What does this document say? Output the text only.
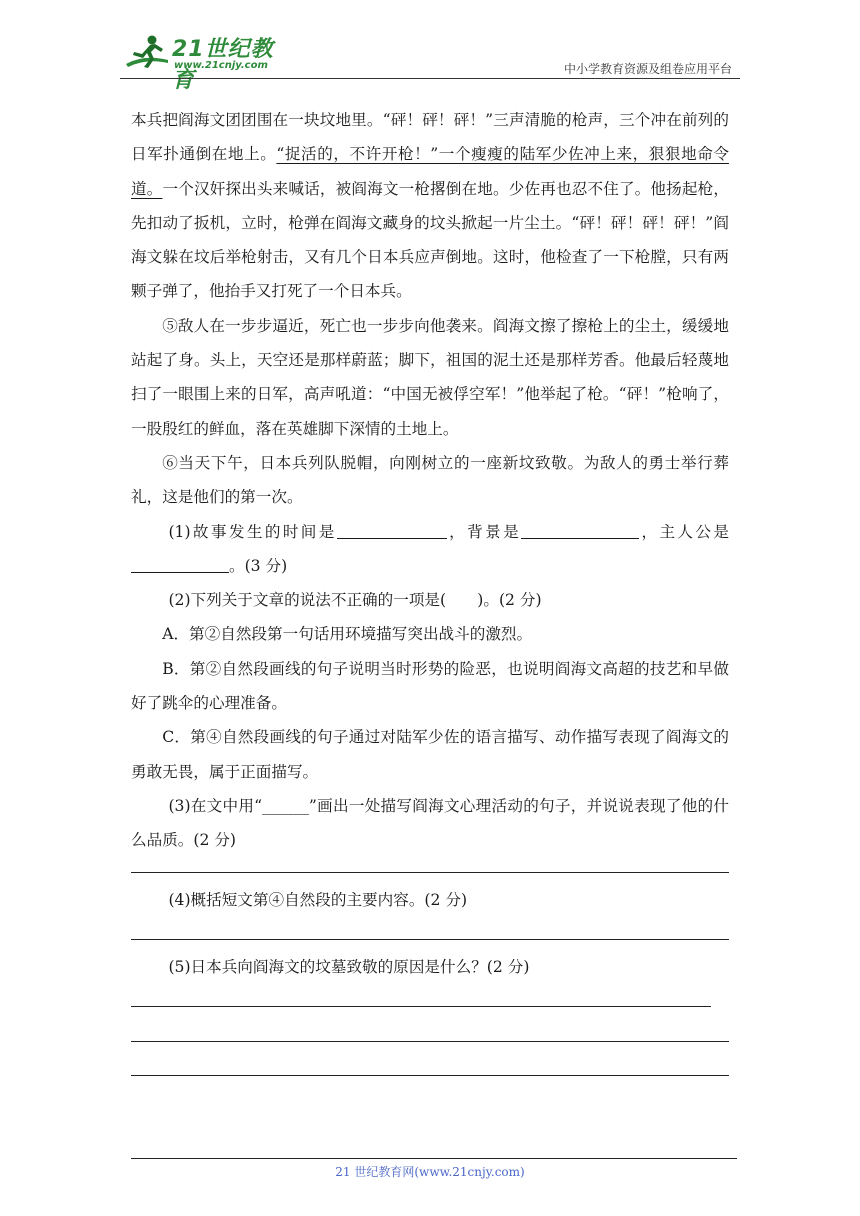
21世纪教育
www.21cnjy.com	中小学教育资源及组卷应用平台

本兵把阎海文团团围在一块坟地里。“砰！砰！砰！”三声清脆的枪声，三个冲在前列的日军扑通倒在地上。“捉活的，不许开枪！”一个瘦瘦的陆军少佐冲上来，狠狠地命令道。一个汉奸探出头来喊话，被阎海文一枪撂倒在地。少佐再也忍不住了。他扬起枪，先扣动了扳机，立时，枪弹在阎海文藏身的坟头掀起一片尘土。“砰！砰！砰！砰！”阎海文躲在坟后举枪射击，又有几个日本兵应声倒地。这时，他检查了一下枪膛，只有两颗子弹了，他抬手又打死了一个日本兵。

⑤敌人在一步步逼近，死亡也一步步向他袭来。阎海文擦了擦枪上的尘土，缓缓地站起了身。头上，天空还是那样蔚蓝；脚下，祖国的泥土还是那样芳香。他最后轻蔑地扫了一眼围上来的日军，高声吼道：“中国无被俘空军！”他举起了枪。“砰！”枪响了，一股殷红的鲜血，落在英雄脚下深情的土地上。

⑥当天下午，日本兵列队脱帽，向刚树立的一座新坟致敬。为敌人的勇士举行葬礼，这是他们的第一次。

(1)故事发生的时间是	，背景是	，主人公是。(3 分)

(2)下列关于文章的说法不正确的一项是(　　)。(2 分)

A．第②自然段第一句话用环境描写突出战斗的激烈。

B．第②自然段画线的句子说明当时形势的险恶，也说明阎海文高超的技艺和早做好了跳伞的心理准备。

C．第④自然段画线的句子通过对陆军少佐的语言描写、动作描写表现了阎海文的勇敢无畏，属于正面描写。

(3)在文中用“______”画出一处描写阎海文心理活动的句子，并说说表现了他的什么品质。(2 分)

(4)概括短文第④自然段的主要内容。(2 分)

(5)日本兵向阎海文的坟墓致敬的原因是什么？(2 分)

21 世纪教育网(www.21cnjy.com)
